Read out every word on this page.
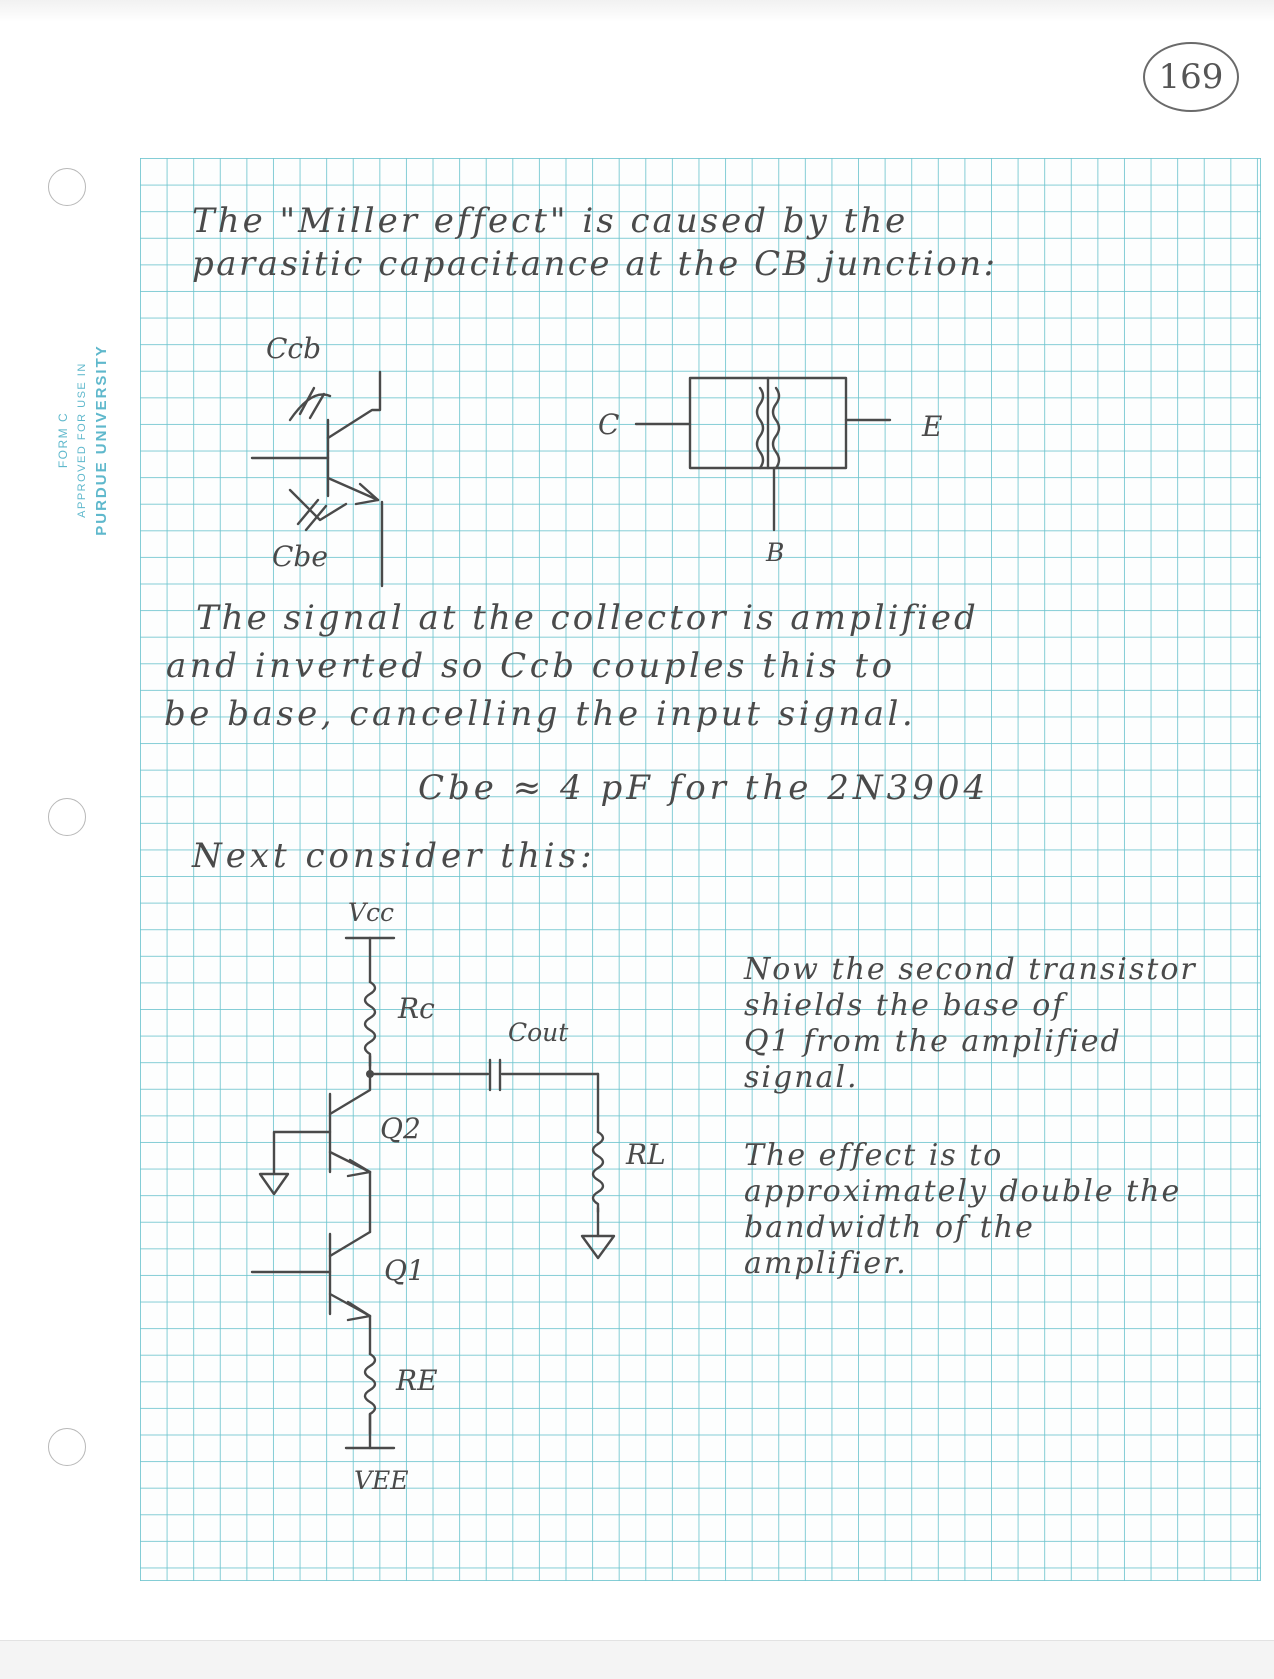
FORM C APPROVED FOR USE IN PURDUE UNIVERSITY
169

The "Miller effect" is caused by the

parasitic capacitance at the CB junction:

The signal at the collector is amplified

and inverted so Ccb couples this to

be base, cancelling the input signal.

Cbe ≈ 4 pF for the 2N3904

Next consider this:

Now the second transistor

shields the base of

Q1 from the amplified

signal.

The effect is to

approximately double the

bandwidth of the

amplifier.

Ccb

Cbe

C	E

B

Vcc

Rc

Cout

RL

Q2

Q1

RE

VEE
